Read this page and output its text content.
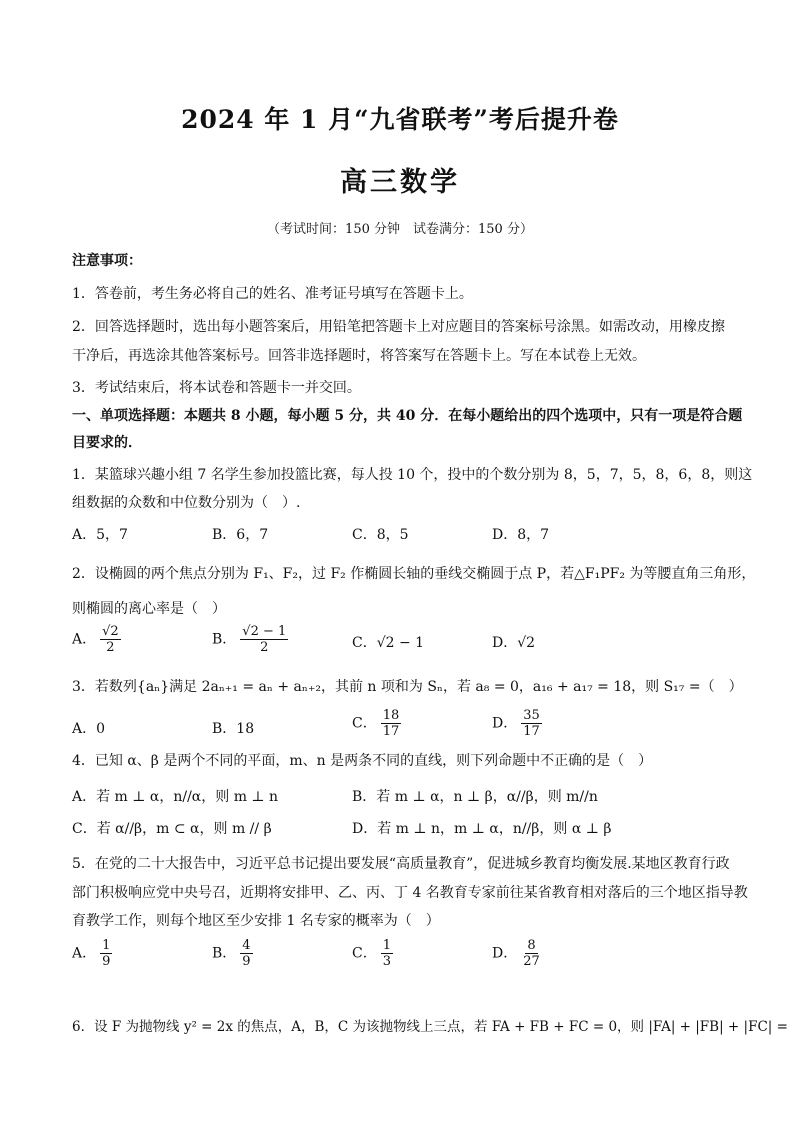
2024 年 1 月“九省联考”考后提升卷
高三数学
（考试时间：150 分钟　试卷满分：150 分）
注意事项：
1．答卷前，考生务必将自己的姓名、准考证号填写在答题卡上。
2．回答选择题时，选出每小题答案后，用铅笔把答题卡上对应题目的答案标号涂黑。如需改动，用橡皮擦
干净后，再选涂其他答案标号。回答非选择题时，将答案写在答题卡上。写在本试卷上无效。
3．考试结束后，将本试卷和答题卡一并交回。
一、单项选择题：本题共 8 小题，每小题 5 分，共 40 分．在每小题给出的四个选项中，只有一项是符合题
目要求的．
1．某篮球兴趣小组 7 名学生参加投篮比赛，每人投 10 个，投中的个数分别为 8，5，7，5，8，6，8，则这
组数据的众数和中位数分别为（　）.
A．5，7	B．6，7	C．8，5	D．8，7
2．设椭圆的两个焦点分别为 F₁、F₂，过 F₂ 作椭圆长轴的垂线交椭圆于点 P，若△F₁PF₂ 为等腰直角三角形，
则椭圆的离心率是（　）
A． $\frac{√2}{2}$	B． $\frac{√2 - 1}{2}$	C．√2 − 1	D．√2
3．若数列{aₙ}满足 2aₙ₊₁ = aₙ + aₙ₊₂，其前 n 项和为 Sₙ，若 a₈ = 0，a₁₆ + a₁₇ = 18，则 S₁₇ =（　）
A．0	B．18	C． $\frac{18}{17}$	D． $\frac{35}{17}$
4．已知 α、β 是两个不同的平面，m、n 是两条不同的直线，则下列命题中不正确的是（　）
A．若 m ⊥ α，n//α，则 m ⊥ n	B．若 m ⊥ α，n ⊥ β，α//β，则 m//n
C．若 α//β，m ⊂ α，则 m // β	D．若 m ⊥ n，m ⊥ α，n//β，则 α ⊥ β
5．在党的二十大报告中，习近平总书记提出要发展“高质量教育”，促进城乡教育均衡发展.某地区教育行政
部门积极响应党中央号召，近期将安排甲、乙、丙、丁 4 名教育专家前往某省教育相对落后的三个地区指导教
育教学工作，则每个地区至少安排 1 名专家的概率为（　）
A． $\frac{1}{9}$	B． $\frac{4}{9}$	C． $\frac{1}{3}$	D． $\frac{8}{27}$
6．设 F 为抛物线 y² = 2x 的焦点，A，B，C 为该抛物线上三点，若 FA + FB + FC = 0，则 |FA| + |FB| + |FC| =
